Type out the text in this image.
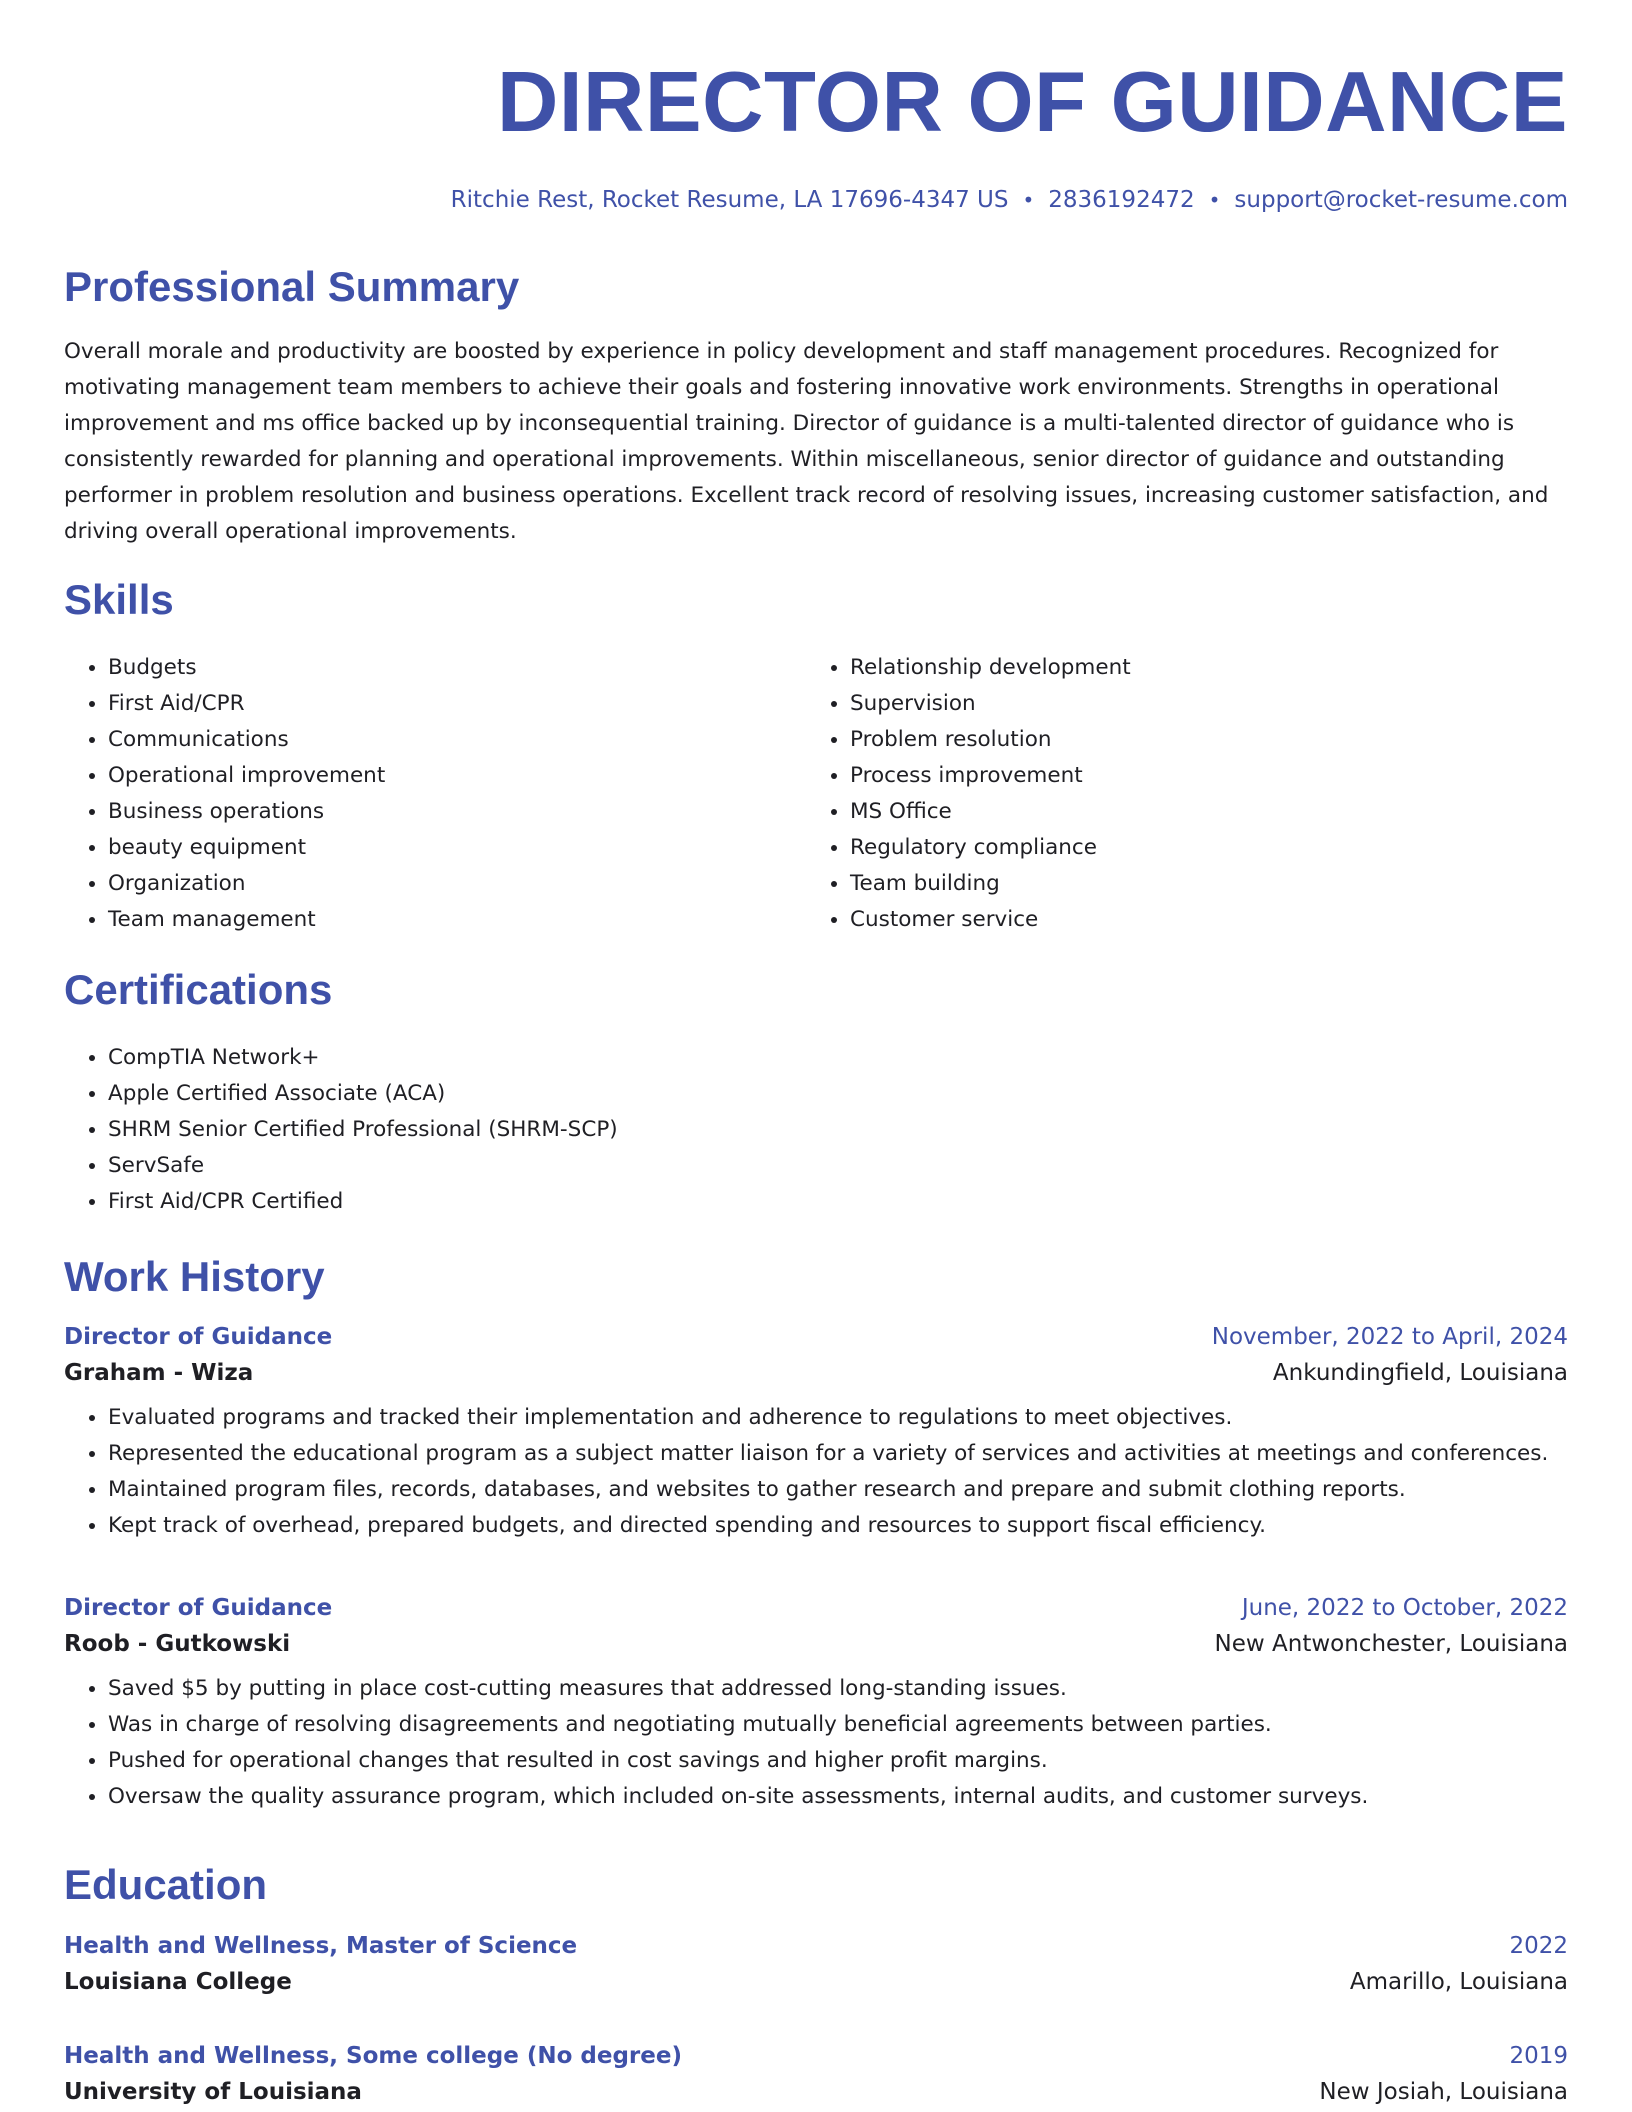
DIRECTOR OF GUIDANCE
Ritchie Rest, Rocket Resume, LA 17696-4347 US • 2836192472 • support@rocket-resume.com
Professional Summary

Overall morale and productivity are boosted by experience in policy development and staff management procedures. Recognized for motivating management team members to achieve their goals and fostering innovative work environments. Strengths in operational improvement and ms office backed up by inconsequential training. Director of guidance is a multi-talented director of guidance who is consistently rewarded for planning and operational improvements. Within miscellaneous, senior director of guidance and outstanding performer in problem resolution and business operations. Excellent track record of resolving issues, increasing customer satisfaction, and driving overall operational improvements.

Skills
• Budgets
• First Aid/CPR
• Communications
• Operational improvement
• Business operations
• beauty equipment
• Organization
• Team management
• Relationship development
• Supervision
• Problem resolution
• Process improvement
• MS Office
• Regulatory compliance
• Team building
• Customer service
Certifications
• CompTIA Network+
• Apple Certified Associate (ACA)
• SHRM Senior Certified Professional (SHRM-SCP)
• ServSafe
• First Aid/CPR Certified
Work History
Director of Guidance	November, 2022 to April, 2024
Graham - Wiza	Ankundingfield, Louisiana
• Evaluated programs and tracked their implementation and adherence to regulations to meet objectives.
• Represented the educational program as a subject matter liaison for a variety of services and activities at meetings and conferences.
• Maintained program files, records, databases, and websites to gather research and prepare and submit clothing reports.
• Kept track of overhead, prepared budgets, and directed spending and resources to support fiscal efficiency.
Director of Guidance	June, 2022 to October, 2022
Roob - Gutkowski	New Antwonchester, Louisiana
• Saved $5 by putting in place cost-cutting measures that addressed long-standing issues.
• Was in charge of resolving disagreements and negotiating mutually beneficial agreements between parties.
• Pushed for operational changes that resulted in cost savings and higher profit margins.
• Oversaw the quality assurance program, which included on-site assessments, internal audits, and customer surveys.
Education
Health and Wellness, Master of Science	2022
Louisiana College	Amarillo, Louisiana
Health and Wellness, Some college (No degree)	2019
University of Louisiana	New Josiah, Louisiana
